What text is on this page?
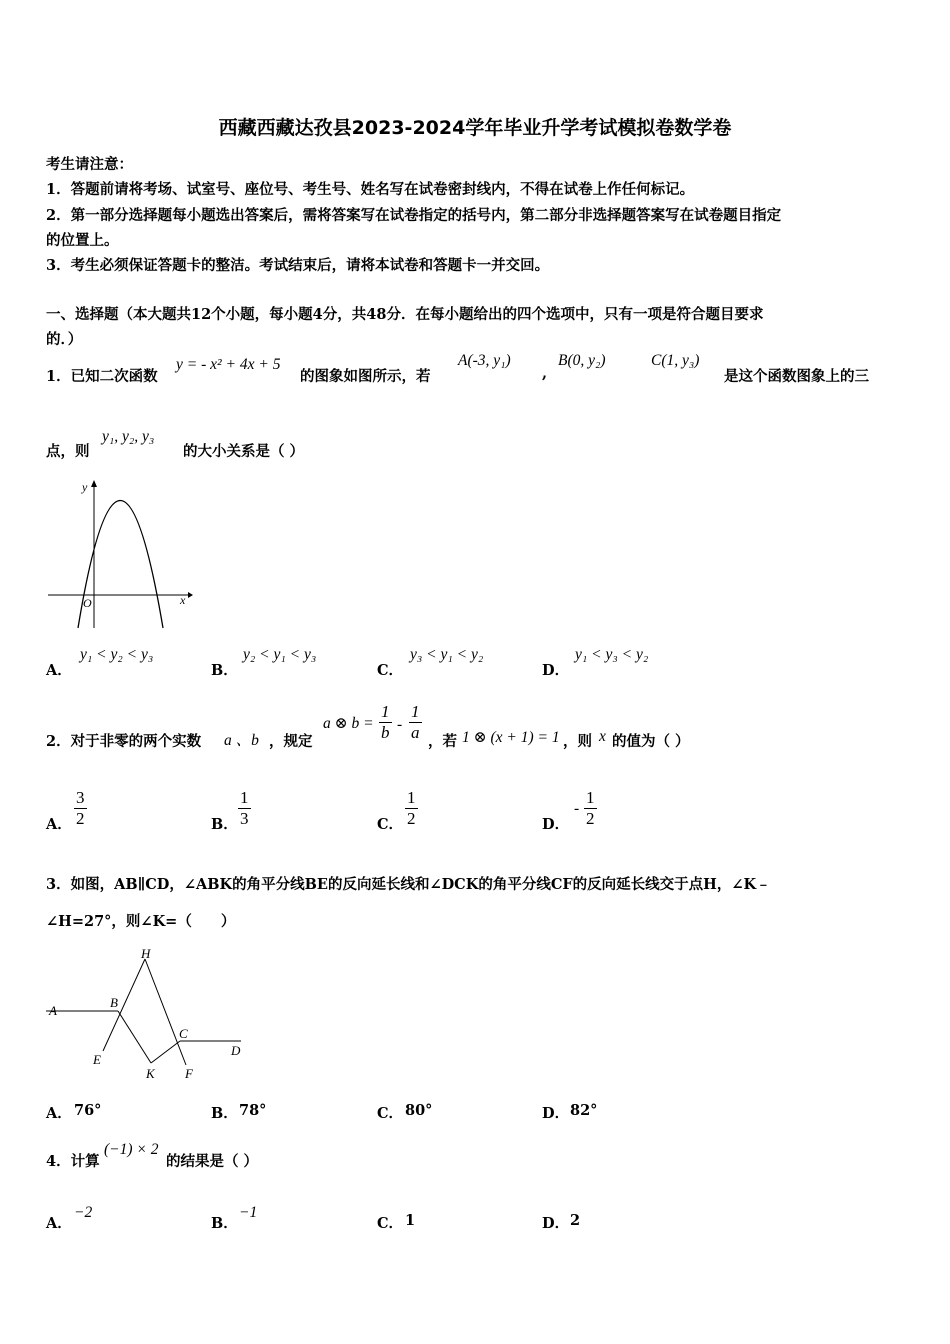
西藏西藏达孜县2023-2024学年毕业升学考试模拟卷数学卷
考生请注意：
1．答题前请将考场、试室号、座位号、考生号、姓名写在试卷密封线内，不得在试卷上作任何标记。
2．第一部分选择题每小题选出答案后，需将答案写在试卷指定的括号内，第二部分非选择题答案写在试卷题目指定
的位置上。
3．考生必须保证答题卡的整洁。考试结束后，请将本试卷和答题卡一并交回。
一、选择题（本大题共12个小题，每小题4分，共48分．在每小题给出的四个选项中，只有一项是符合题目要求
的．）
1．已知二次函数
y = - x² + 4x + 5
的图象如图所示，若
A(-3, y₁)
,
B(0, y₂)	C(1, y₃)
是这个函数图象上的三
点，则
y₁, y₂, y₃
的大小关系是（ ）
y
x
O
A．
y₁ < y₂ < y₃
B．
y₂ < y₁ < y₃
C．
y₃ < y₁ < y₂
D．
y₁ < y₃ < y₂
2．对于非零的两个实数 a 、b ，规定
a ⊗ $b = \frac{1}{b} - \frac{1}{a}$ ，若 1 ⊗ (x + 1) = 1 ，则 x 的值为（ ）
A． $\frac{3}{2}$	B． $\frac{1}{3}$	C． $\frac{1}{2}$	D．
- $\frac{1}{2}$
3．如图，AB∥CD，∠ABK的角平分线BE的反向延长线和∠DCK的角平分线CF的反向延长线交于点H，∠K﹣
∠H=27°，则∠K=（　　）
H
A
B
C
D
E
K F
A． 76°	B． 78°	C． 80°	D． 82°
4．计算
(−1) × 2
的结果是（ ）
A．
−2
B．
−1
C． 1	D． 2
